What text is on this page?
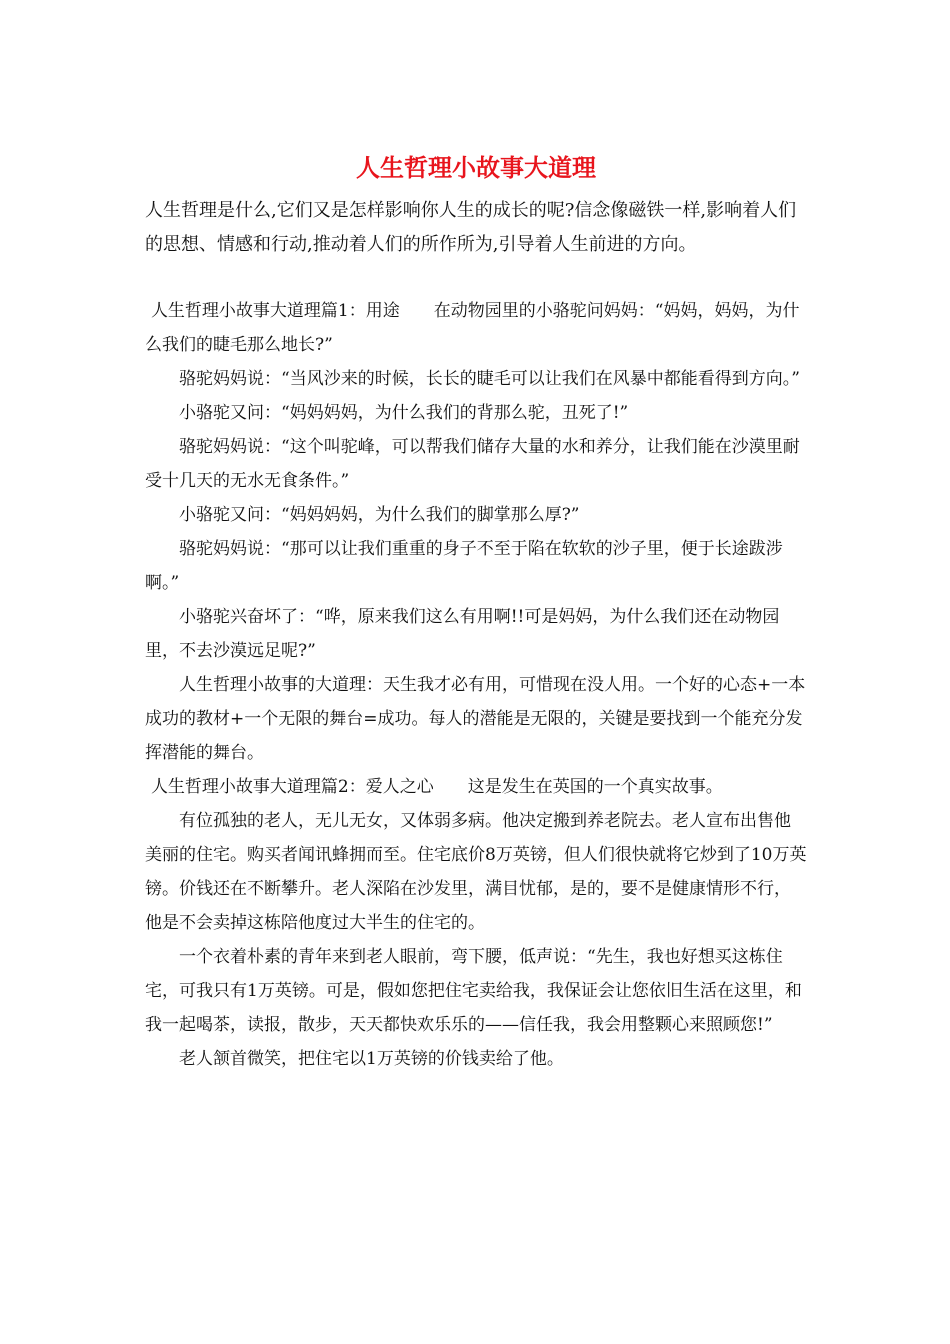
人生哲理小故事大道理

人生哲理是什么,它们又是怎样影响你人生的成长的呢?信念像磁铁一样,影响着人们的思想、情感和行动,推动着人们的所作所为,引导着人生前进的方向。

人生哲理小故事大道理篇1：用途　　在动物园里的小骆驼问妈妈：“妈妈，妈妈，为什么我们的睫毛那么地长?”

骆驼妈妈说：“当风沙来的时候，长长的睫毛可以让我们在风暴中都能看得到方向。”

小骆驼又问：“妈妈妈妈，为什么我们的背那么驼，丑死了!”

骆驼妈妈说：“这个叫驼峰，可以帮我们储存大量的水和养分，让我们能在沙漠里耐受十几天的无水无食条件。”

小骆驼又问：“妈妈妈妈，为什么我们的脚掌那么厚?”

骆驼妈妈说：“那可以让我们重重的身子不至于陷在软软的沙子里，便于长途跋涉啊。”

小骆驼兴奋坏了：“哗，原来我们这么有用啊!!可是妈妈，为什么我们还在动物园里，不去沙漠远足呢?”

人生哲理小故事的大道理：天生我才必有用，可惜现在没人用。一个好的心态+一本成功的教材+一个无限的舞台=成功。每人的潜能是无限的，关键是要找到一个能充分发挥潜能的舞台。

人生哲理小故事大道理篇2：爱人之心　　这是发生在英国的一个真实故事。

有位孤独的老人，无儿无女，又体弱多病。他决定搬到养老院去。老人宣布出售他美丽的住宅。购买者闻讯蜂拥而至。住宅底价8万英镑，但人们很快就将它炒到了10万英镑。价钱还在不断攀升。老人深陷在沙发里，满目忧郁，是的，要不是健康情形不行，他是不会卖掉这栋陪他度过大半生的住宅的。

一个衣着朴素的青年来到老人眼前，弯下腰，低声说：“先生，我也好想买这栋住宅，可我只有1万英镑。可是，假如您把住宅卖给我，我保证会让您依旧生活在这里，和我一起喝茶，读报，散步，天天都快欢乐乐的——信任我，我会用整颗心来照顾您!”

老人颔首微笑，把住宅以1万英镑的价钱卖给了他。
